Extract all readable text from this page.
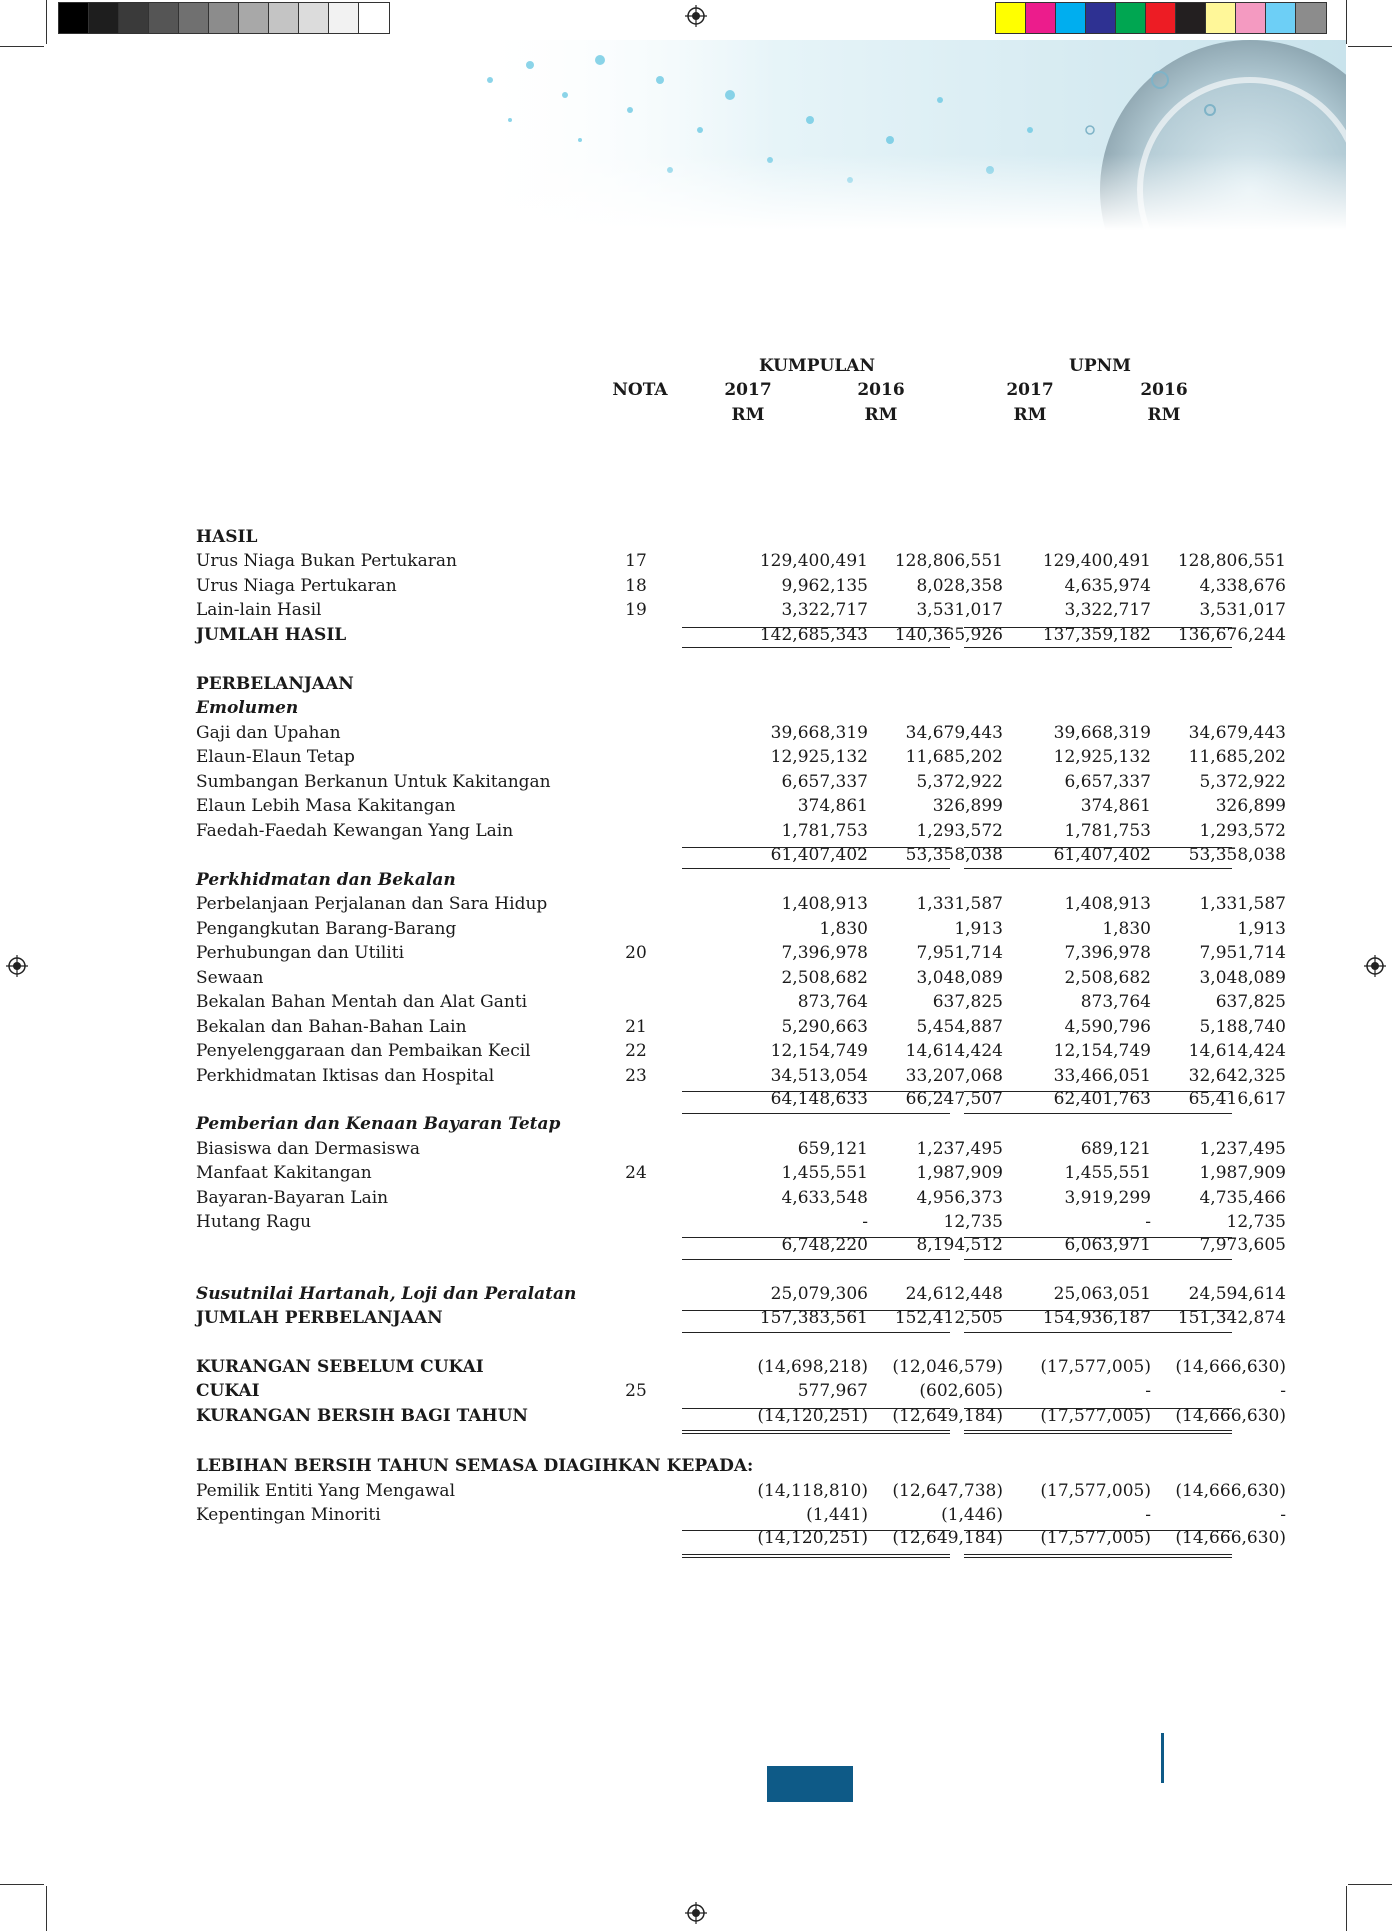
KUMPULAN	UPNM
NOTA	2017	2016	2017	2016
RM	RM	RM	RM
HASIL
Urus Niaga Bukan Pertukaran	17	129,400,491	128,806,551	129,400,491	128,806,551
Urus Niaga Pertukaran	18	9,962,135	8,028,358	4,635,974	4,338,676
Lain-lain Hasil	19	3,322,717	3,531,017	3,322,717	3,531,017
JUMLAH HASIL	142,685,343	140,365,926	137,359,182	136,676,244
PERBELANJAAN
Emolumen
Gaji dan Upahan	39,668,319	34,679,443	39,668,319	34,679,443
Elaun-Elaun Tetap	12,925,132	11,685,202	12,925,132	11,685,202
Sumbangan Berkanun Untuk Kakitangan	6,657,337	5,372,922	6,657,337	5,372,922
Elaun Lebih Masa Kakitangan	374,861	326,899	374,861	326,899
Faedah-Faedah Kewangan Yang Lain	1,781,753	1,293,572	1,781,753	1,293,572
61,407,402	53,358,038	61,407,402	53,358,038
Perkhidmatan dan Bekalan
Perbelanjaan Perjalanan dan Sara Hidup	1,408,913	1,331,587	1,408,913	1,331,587
Pengangkutan Barang-Barang	1,830	1,913	1,830	1,913
Perhubungan dan Utiliti	20	7,396,978	7,951,714	7,396,978	7,951,714
Sewaan	2,508,682	3,048,089	2,508,682	3,048,089
Bekalan Bahan Mentah dan Alat Ganti	873,764	637,825	873,764	637,825
Bekalan dan Bahan-Bahan Lain	21	5,290,663	5,454,887	4,590,796	5,188,740
Penyelenggaraan dan Pembaikan Kecil	22	12,154,749	14,614,424	12,154,749	14,614,424
Perkhidmatan Iktisas dan Hospital	23	34,513,054	33,207,068	33,466,051	32,642,325
64,148,633	66,247,507	62,401,763	65,416,617
Pemberian dan Kenaan Bayaran Tetap
Biasiswa dan Dermasiswa	659,121	1,237,495	689,121	1,237,495
Manfaat Kakitangan	24	1,455,551	1,987,909	1,455,551	1,987,909
Bayaran-Bayaran Lain	4,633,548	4,956,373	3,919,299	4,735,466
Hutang Ragu	-	12,735	-	12,735
6,748,220	8,194,512	6,063,971	7,973,605
Susutnilai Hartanah, Loji dan Peralatan	25,079,306	24,612,448	25,063,051	24,594,614
JUMLAH PERBELANJAAN	157,383,561	152,412,505	154,936,187	151,342,874
KURANGAN SEBELUM CUKAI	(14,698,218)	(12,046,579)	(17,577,005)	(14,666,630)
CUKAI	25	577,967	(602,605)	-	-
KURANGAN BERSIH BAGI TAHUN	(14,120,251)	(12,649,184)	(17,577,005)	(14,666,630)
LEBIHAN BERSIH TAHUN SEMASA DIAGIHKAN KEPADA:
Pemilik Entiti Yang Mengawal	(14,118,810)	(12,647,738)	(17,577,005)	(14,666,630)
Kepentingan Minoriti	(1,441)	(1,446)	-	-
(14,120,251)	(12,649,184)	(17,577,005)	(14,666,630)
